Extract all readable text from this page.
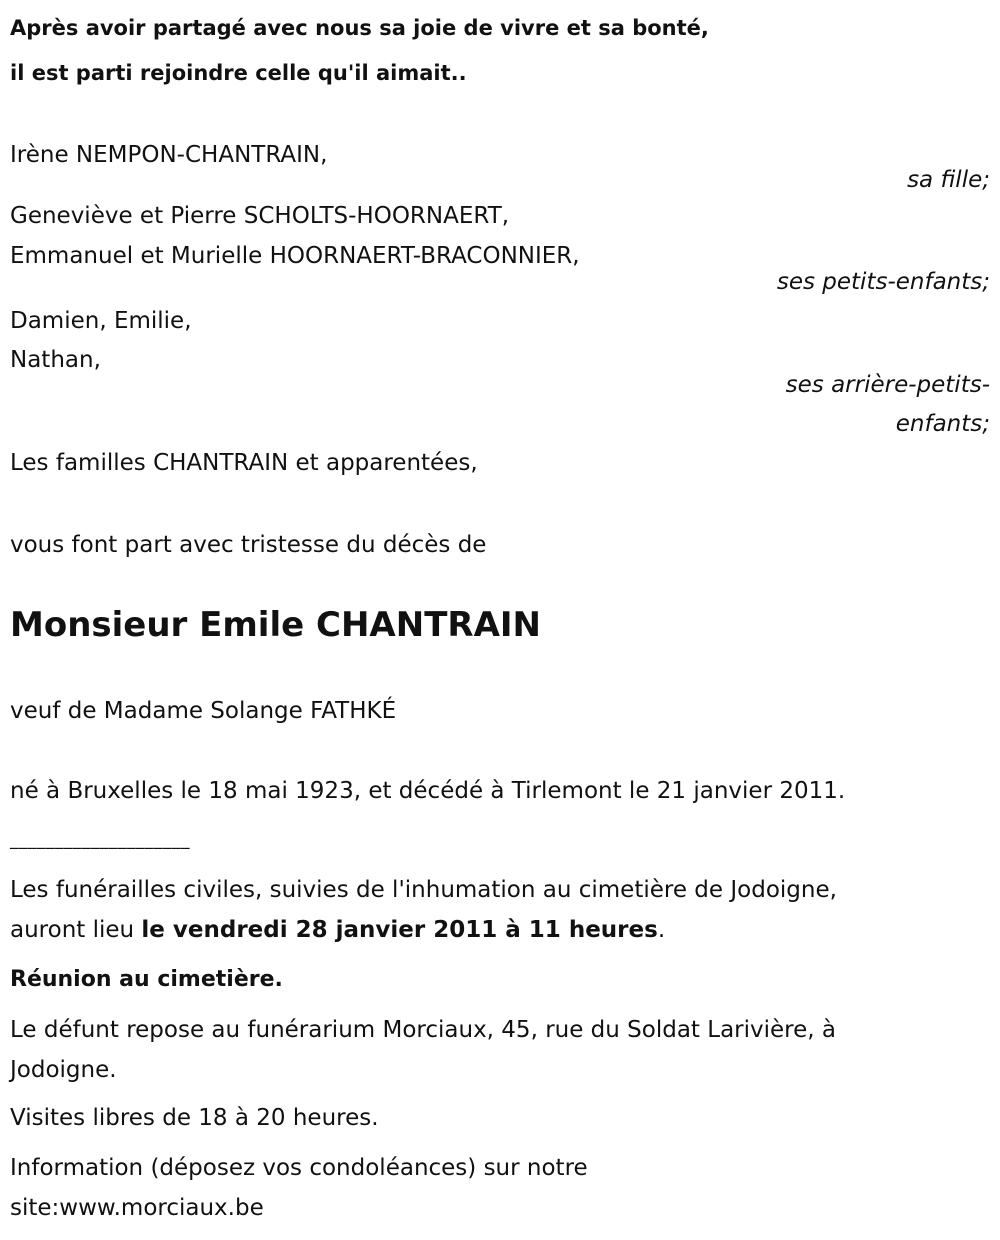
Après avoir partagé avec nous sa joie de vivre et sa bonté,
il est parti rejoindre celle qu'il aimait..
Irène NEMPON-CHANTRAIN,
sa fille;
Geneviève et Pierre SCHOLTS-HOORNAERT,
Emmanuel et Murielle HOORNAERT-BRACONNIER,
ses petits-enfants;
Damien, Emilie,
Nathan,
ses arrière-petits-
enfants;
Les familles CHANTRAIN et apparentées,
vous font part avec tristesse du décès de
Monsieur Emile CHANTRAIN
veuf de Madame Solange FATHKÉ
né à Bruxelles le 18 mai 1923, et décédé à Tirlemont le 21 janvier 2011.
____________________
Les funérailles civiles, suivies de l'inhumation au cimetière de Jodoigne,
auront lieu le vendredi 28 janvier 2011 à 11 heures.
Réunion au cimetière.
Le défunt repose au funérarium Morciaux, 45, rue du Soldat Larivière, à
Jodoigne.
Visites libres de 18 à 20 heures.
Information (déposez vos condoléances) sur notre
site:www.morciaux.be
